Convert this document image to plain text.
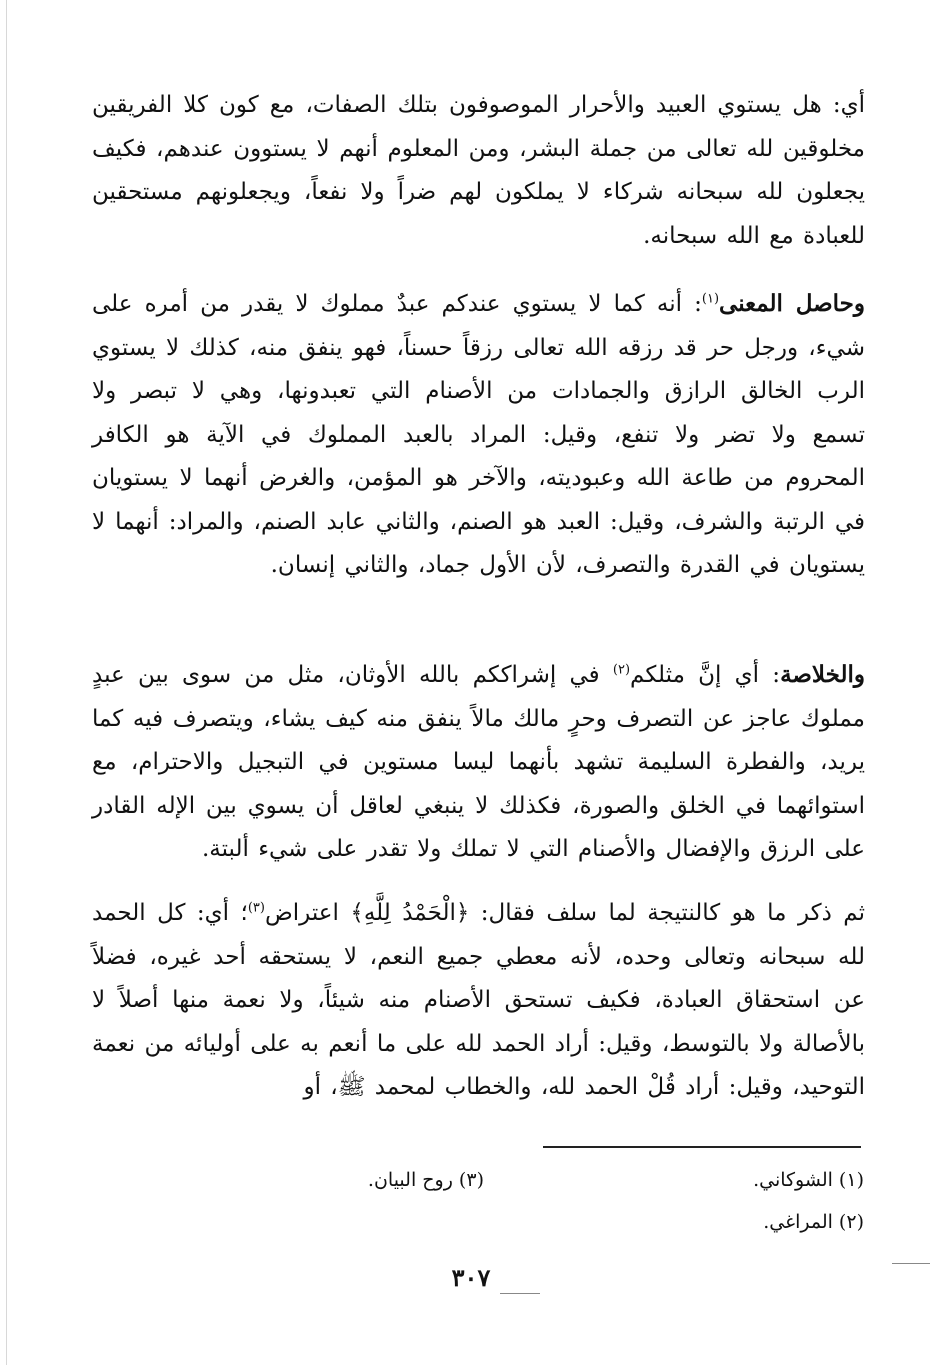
أي: هل يستوي العبيد والأحرار الموصوفون بتلك الصفات، مع كون كلا الفريقين مخلوقين لله تعالى من جملة البشر، ومن المعلوم أنهم لا يستوون عندهم، فكيف يجعلون لله سبحانه شركاء لا يملكون لهم ضراً ولا نفعاً، ويجعلونهم مستحقين للعبادة مع الله سبحانه.

وحاصل المعنى$^{(١)}$: أنه كما لا يستوي عندكم عبدٌ مملوك لا يقدر من أمره على شيء، ورجل حر قد رزقه الله تعالى رزقاً حسناً، فهو ينفق منه، كذلك لا يستوي الرب الخالق الرازق والجمادات من الأصنام التي تعبدونها، وهي لا تبصر ولا تسمع ولا تضر ولا تنفع، وقيل: المراد بالعبد المملوك في الآية هو الكافر المحروم من طاعة الله وعبوديته، والآخر هو المؤمن، والغرض أنهما لا يستويان في الرتبة والشرف، وقيل: العبد هو الصنم، والثاني عابد الصنم، والمراد: أنهما لا يستويان في القدرة والتصرف، لأن الأول جماد، والثاني إنسان.

والخلاصة: أي إنَّ مثلكم$^{(٢)}$ في إشراككم بالله الأوثان، مثل من سوى بين عبدٍ مملوك عاجز عن التصرف وحرٍ مالك مالاً ينفق منه كيف يشاء، ويتصرف فيه كما يريد، والفطرة السليمة تشهد بأنهما ليسا مستوين في التبجيل والاحترام، مع استوائهما في الخلق والصورة، فكذلك لا ينبغي لعاقل أن يسوي بين الإله القادر على الرزق والإفضال والأصنام التي لا تملك ولا تقدر على شيء ألبتة.

ثم ذكر ما هو كالنتيجة لما سلف فقال: ﴿الْحَمْدُ لِلَّهِ﴾ اعتراض$^{(٣)}$؛ أي: كل الحمد لله سبحانه وتعالى وحده، لأنه معطي جميع النعم، لا يستحقه أحد غيره، فضلاً عن استحقاق العبادة، فكيف تستحق الأصنام منه شيئاً، ولا نعمة منها أصلاً لا بالأصالة ولا بالتوسط، وقيل: أراد الحمد لله على ما أنعم به على أوليائه من نعمة التوحيد، وقيل: أراد قُلْ الحمد لله، والخطاب لمحمد ﷺ، أو

(١) الشوكاني.
(٣) روح البيان.
(٢) المراغي.
٣٠٧
